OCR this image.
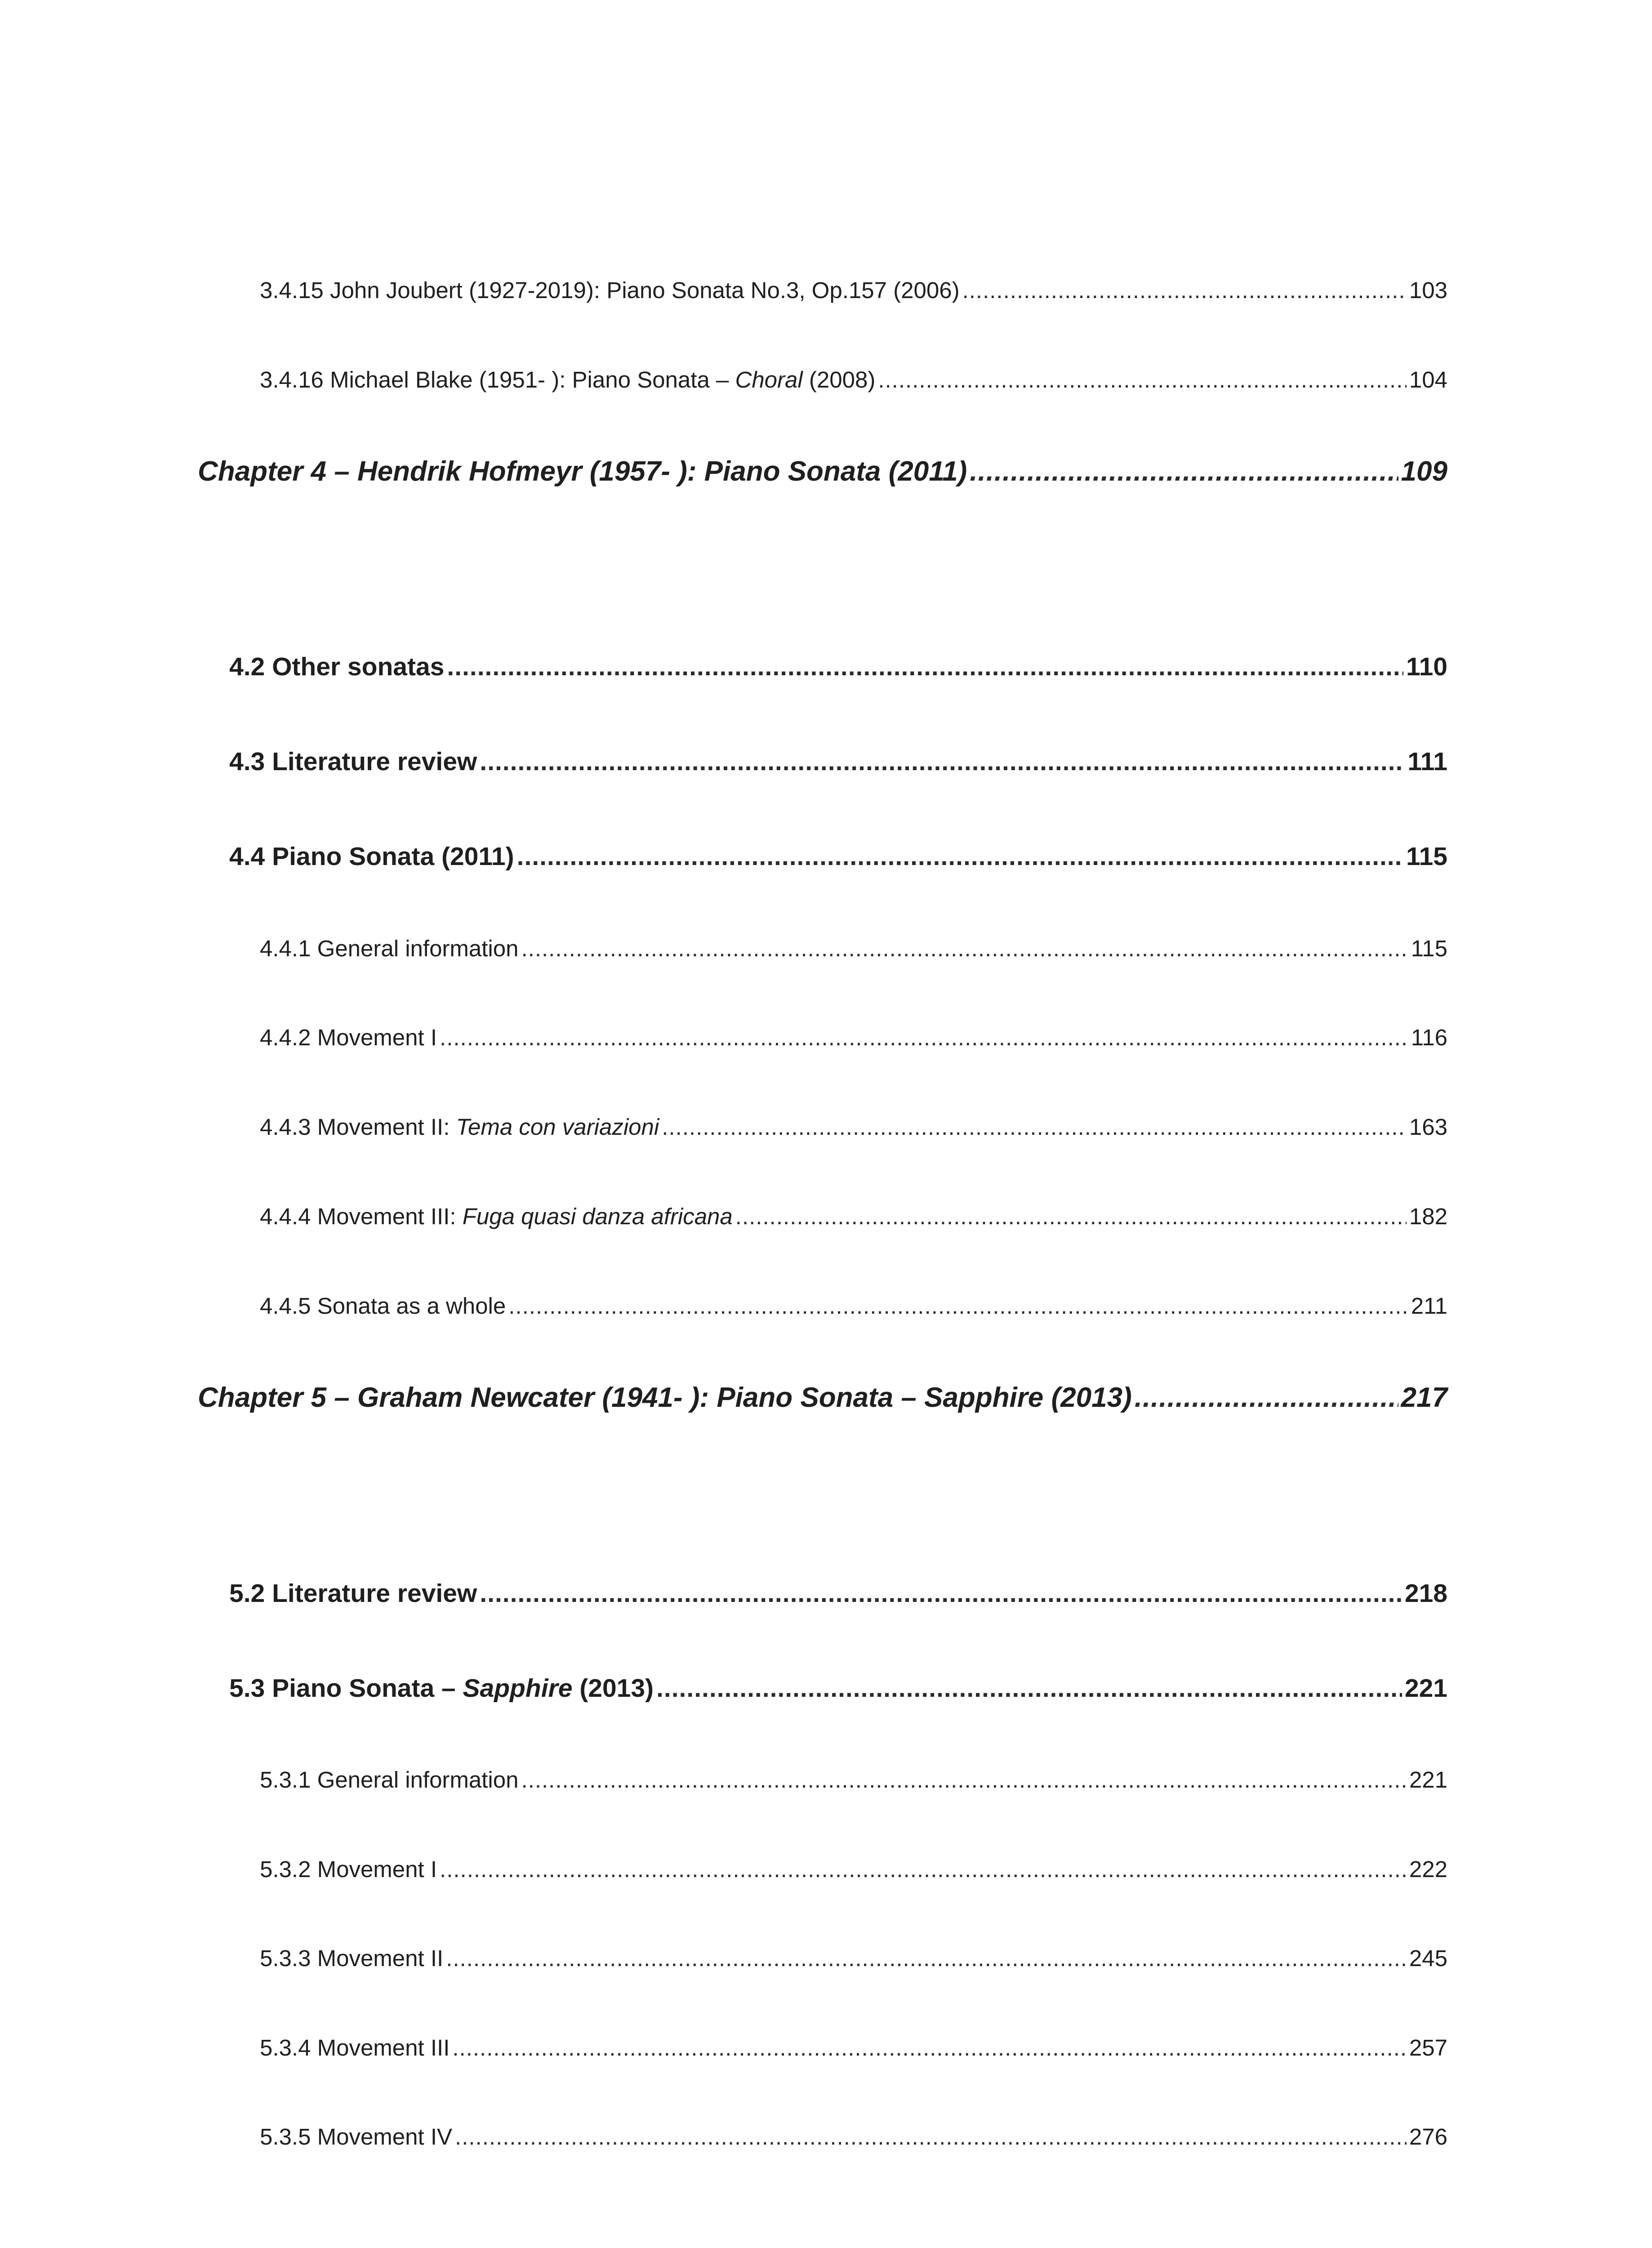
3.4.15 John Joubert (1927-2019): Piano Sonata No.3, Op.157 (2006) .....	103
3.4.16 Michael Blake (1951- ): Piano Sonata – Choral (2008) .....	104
Chapter 4 – Hendrik Hofmeyr (1957- ): Piano Sonata (2011) .....	109
4.2 Other sonatas .....	110
4.3 Literature review .....	111
4.4 Piano Sonata (2011) .....	115
4.4.1 General information .....	115
4.4.2 Movement I .....	116
4.4.3 Movement II: Tema con variazioni .....	163
4.4.4 Movement III: Fuga quasi danza africana .....	182
4.4.5 Sonata as a whole .....	211
Chapter 5 – Graham Newcater (1941- ): Piano Sonata – Sapphire (2013) .....	217
5.2 Literature review .....	218
5.3 Piano Sonata – Sapphire (2013) .....	221
5.3.1 General information .....	221
5.3.2 Movement I .....	222
5.3.3 Movement II .....	245
5.3.4 Movement III .....	257
5.3.5 Movement IV .....	276
